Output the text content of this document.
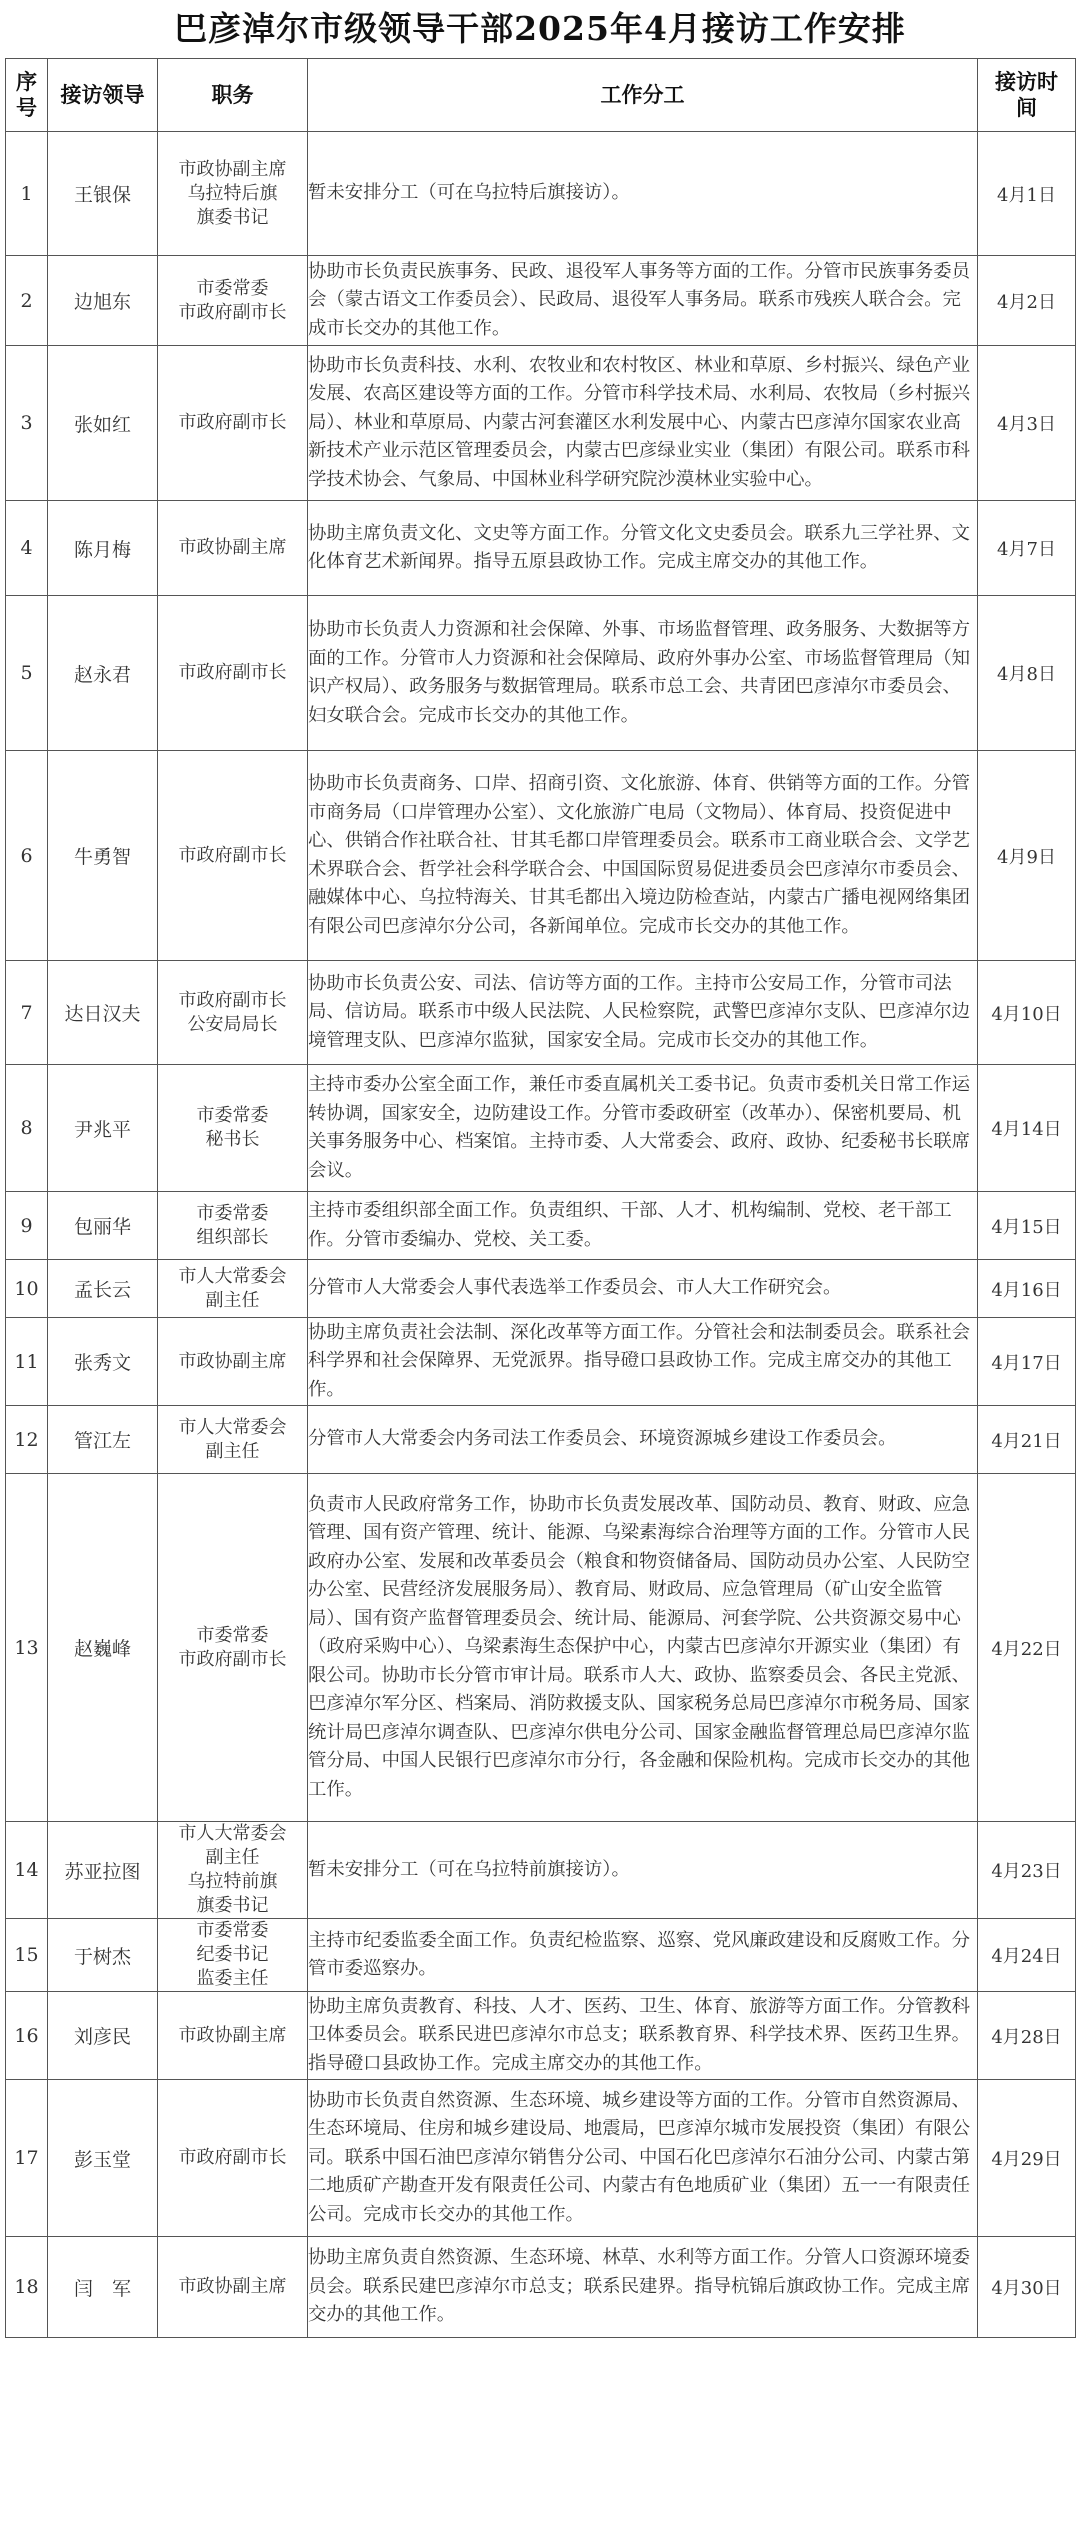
巴彦淖尔市级领导干部2025年4月接访工作安排
序号	接访领导	职务	工作分工	接访时间
1	王银保	市政协副主席
乌拉特后旗
旗委书记	暂未安排分工（可在乌拉特后旗接访）。	4月1日
2	边旭东	市委常委
市政府副市长	协助市长负责民族事务、民政、退役军人事务等方面的工作。分管市民族事务委员会（蒙古语文工作委员会）、民政局、退役军人事务局。联系市残疾人联合会。完成市长交办的其他工作。	4月2日
3	张如红	市政府副市长	协助市长负责科技、水利、农牧业和农村牧区、林业和草原、乡村振兴、绿色产业发展、农高区建设等方面的工作。分管市科学技术局、水利局、农牧局（乡村振兴局）、林业和草原局、内蒙古河套灌区水利发展中心、内蒙古巴彦淖尔国家农业高新技术产业示范区管理委员会，内蒙古巴彦绿业实业（集团）有限公司。联系市科学技术协会、气象局、中国林业科学研究院沙漠林业实验中心。	4月3日
4	陈月梅	市政协副主席	协助主席负责文化、文史等方面工作。分管文化文史委员会。联系九三学社界、文化体育艺术新闻界。指导五原县政协工作。完成主席交办的其他工作。	4月7日
5	赵永君	市政府副市长	协助市长负责人力资源和社会保障、外事、市场监督管理、政务服务、大数据等方面的工作。分管市人力资源和社会保障局、政府外事办公室、市场监督管理局（知识产权局）、政务服务与数据管理局。联系市总工会、共青团巴彦淖尔市委员会、妇女联合会。完成市长交办的其他工作。	4月8日
6	牛勇智	市政府副市长	协助市长负责商务、口岸、招商引资、文化旅游、体育、供销等方面的工作。分管市商务局（口岸管理办公室）、文化旅游广电局（文物局）、体育局、投资促进中心、供销合作社联合社、甘其毛都口岸管理委员会。联系市工商业联合会、文学艺术界联合会、哲学社会科学联合会、中国国际贸易促进委员会巴彦淖尔市委员会、融媒体中心、乌拉特海关、甘其毛都出入境边防检查站，内蒙古广播电视网络集团有限公司巴彦淖尔分公司，各新闻单位。完成市长交办的其他工作。	4月9日
7	达日汉夫	市政府副市长
公安局局长	协助市长负责公安、司法、信访等方面的工作。主持市公安局工作，分管市司法局、信访局。联系市中级人民法院、人民检察院，武警巴彦淖尔支队、巴彦淖尔边境管理支队、巴彦淖尔监狱，国家安全局。完成市长交办的其他工作。	4月10日
8	尹兆平	市委常委
秘书长	主持市委办公室全面工作，兼任市委直属机关工委书记。负责市委机关日常工作运转协调，国家安全，边防建设工作。分管市委政研室（改革办）、保密机要局、机关事务服务中心、档案馆。主持市委、人大常委会、政府、政协、纪委秘书长联席会议。	4月14日
9	包丽华	市委常委
组织部长	主持市委组织部全面工作。负责组织、干部、人才、机构编制、党校、老干部工作。分管市委编办、党校、关工委。	4月15日
10	孟长云	市人大常委会
副主任	分管市人大常委会人事代表选举工作委员会、市人大工作研究会。	4月16日
11	张秀文	市政协副主席	协助主席负责社会法制、深化改革等方面工作。分管社会和法制委员会。联系社会科学界和社会保障界、无党派界。指导磴口县政协工作。完成主席交办的其他工作。	4月17日
12	管江左	市人大常委会
副主任	分管市人大常委会内务司法工作委员会、环境资源城乡建设工作委员会。	4月21日
13	赵巍峰	市委常委
市政府副市长	负责市人民政府常务工作，协助市长负责发展改革、国防动员、教育、财政、应急管理、国有资产管理、统计、能源、乌梁素海综合治理等方面的工作。分管市人民政府办公室、发展和改革委员会（粮食和物资储备局、国防动员办公室、人民防空办公室、民营经济发展服务局）、教育局、财政局、应急管理局（矿山安全监管局）、国有资产监督管理委员会、统计局、能源局、河套学院、公共资源交易中心（政府采购中心）、乌梁素海生态保护中心，内蒙古巴彦淖尔开源实业（集团）有限公司。协助市长分管市审计局。联系市人大、政协、监察委员会、各民主党派、巴彦淖尔军分区、档案局、消防救援支队、国家税务总局巴彦淖尔市税务局、国家统计局巴彦淖尔调查队、巴彦淖尔供电分公司、国家金融监督管理总局巴彦淖尔监管分局、中国人民银行巴彦淖尔市分行，各金融和保险机构。完成市长交办的其他工作。	4月22日
14	苏亚拉图	市人大常委会
副主任
乌拉特前旗
旗委书记	暂未安排分工（可在乌拉特前旗接访）。	4月23日
15	于树杰	市委常委
纪委书记
监委主任	主持市纪委监委全面工作。负责纪检监察、巡察、党风廉政建设和反腐败工作。分管市委巡察办。	4月24日
16	刘彦民	市政协副主席	协助主席负责教育、科技、人才、医药、卫生、体育、旅游等方面工作。分管教科卫体委员会。联系民进巴彦淖尔市总支；联系教育界、科学技术界、医药卫生界。指导磴口县政协工作。完成主席交办的其他工作。	4月28日
17	彭玉堂	市政府副市长	协助市长负责自然资源、生态环境、城乡建设等方面的工作。分管市自然资源局、生态环境局、住房和城乡建设局、地震局，巴彦淖尔城市发展投资（集团）有限公司。联系中国石油巴彦淖尔销售分公司、中国石化巴彦淖尔石油分公司、内蒙古第二地质矿产勘查开发有限责任公司、内蒙古有色地质矿业（集团）五一一有限责任公司。完成市长交办的其他工作。	4月29日
18	闫　军	市政协副主席	协助主席负责自然资源、生态环境、林草、水利等方面工作。分管人口资源环境委员会。联系民建巴彦淖尔市总支；联系民建界。指导杭锦后旗政协工作。完成主席交办的其他工作。	4月30日
